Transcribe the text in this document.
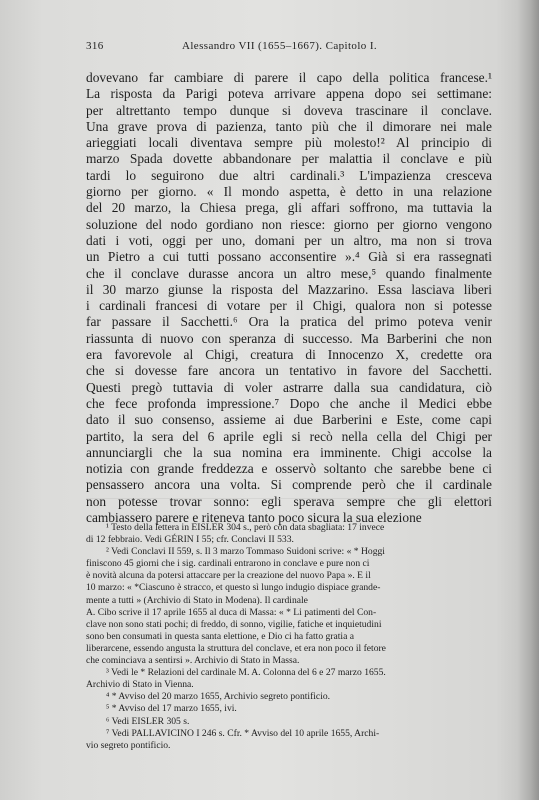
316	Alessandro VII (1655–1667). Capitolo I.
dovevano far cambiare di parere il capo della politica francese.¹
La risposta da Parigi poteva arrivare appena dopo sei settimane:
per altrettanto tempo dunque si doveva trascinare il conclave.
Una grave prova di pazienza, tanto più che il dimorare nei male
arieggiati locali diventava sempre più molesto!² Al principio di
marzo Spada dovette abbandonare per malattia il conclave e più
tardi lo seguirono due altri cardinali.³ L'impazienza cresceva
giorno per giorno. « Il mondo aspetta, è detto in una relazione
del 20 marzo, la Chiesa prega, gli affari soffrono, ma tuttavia la
soluzione del nodo gordiano non riesce: giorno per giorno vengono
dati i voti, oggi per uno, domani per un altro, ma non si trova
un Pietro a cui tutti possano acconsentire ».⁴ Già si era rassegnati
che il conclave durasse ancora un altro mese,⁵ quando finalmente
il 30 marzo giunse la risposta del Mazzarino. Essa lasciava liberi
i cardinali francesi di votare per il Chigi, qualora non si potesse
far passare il Sacchetti.⁶ Ora la pratica del primo poteva venir
riassunta di nuovo con speranza di successo. Ma Barberini che non
era favorevole al Chigi, creatura di Innocenzo X, credette ora
che si dovesse fare ancora un tentativo in favore del Sacchetti.
Questi pregò tuttavia di voler astrarre dalla sua candidatura, ciò
che fece profonda impressione.⁷ Dopo che anche il Medici ebbe
dato il suo consenso, assieme ai due Barberini e Este, come capi
partito, la sera del 6 aprile egli si recò nella cella del Chigi per
annunciargli che la sua nomina era imminente. Chigi accolse la
notizia con grande freddezza e osservò soltanto che sarebbe bene ci
pensassero ancora una volta. Si comprende però che il cardinale
non potesse trovar sonno: egli sperava sempre che gli elettori
cambiassero parere e riteneva tanto poco sicura la sua elezione
¹ Testo della lettera in EISLER 304 s., però con data sbagliata: 17 invece
di 12 febbraio. Vedi GÉRIN I 55; cfr. Conclavi II 533.
² Vedi Conclavi II 559, s. Il 3 marzo Tommaso Suidoni scrive: « * Hoggi
finiscono 45 giorni che i sig. cardinali entrarono in conclave e pure non ci
è novità alcuna da potersi attaccare per la creazione del nuovo Papa ». E il
10 marzo: « *Ciascuno è stracco, et questo sì lungo indugio dispiace grande-
mente a tutti » (Archivio di Stato in Modena). Il cardinale
A. Cibo scrive il 17 aprile 1655 al duca di Massa: « * Li patimenti del Con-
clave non sono stati pochi; di freddo, di sonno, vigilie, fatiche et inquietudini
sono ben consumati in questa santa elettione, e Dio ci ha fatto gratia a
liberarcene, essendo angusta la struttura del conclave, et era non poco il fetore
che cominciava a sentirsi ». Archivio di Stato in Massa.
³ Vedi le * Relazioni del cardinale M. A. Colonna del 6 e 27 marzo 1655.
Archivio di Stato in Vienna.
⁴ * Avviso del 20 marzo 1655, Archivio segreto pontificio.
⁵ * Avviso del 17 marzo 1655, ivi.
⁶ Vedi EISLER 305 s.
⁷ Vedi PALLAVICINO I 246 s. Cfr. * Avviso del 10 aprile 1655, Archi-
vio segreto pontificio.
